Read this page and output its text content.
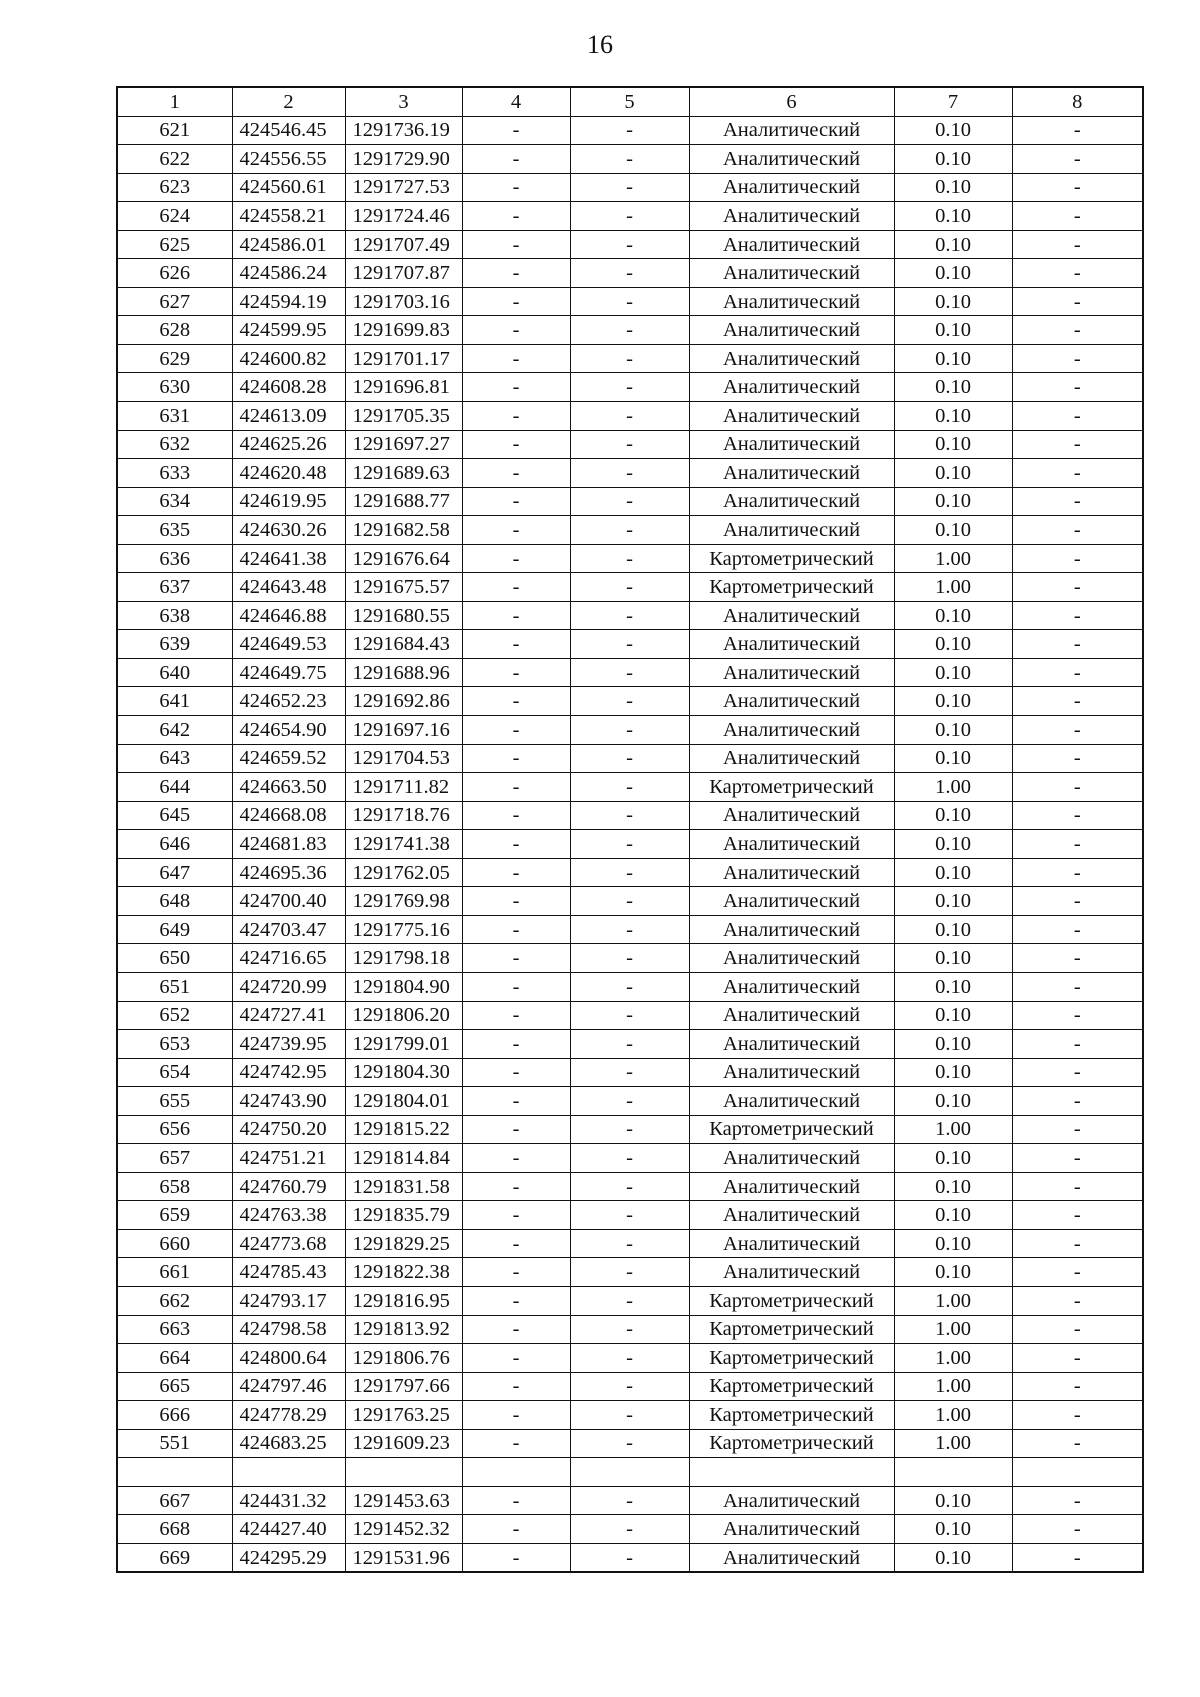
16
1	2	3	4	5	6	7	8
621	424546.45	1291736.19	-	-	Аналитический	0.10	-
622	424556.55	1291729.90	-	-	Аналитический	0.10	-
623	424560.61	1291727.53	-	-	Аналитический	0.10	-
624	424558.21	1291724.46	-	-	Аналитический	0.10	-
625	424586.01	1291707.49	-	-	Аналитический	0.10	-
626	424586.24	1291707.87	-	-	Аналитический	0.10	-
627	424594.19	1291703.16	-	-	Аналитический	0.10	-
628	424599.95	1291699.83	-	-	Аналитический	0.10	-
629	424600.82	1291701.17	-	-	Аналитический	0.10	-
630	424608.28	1291696.81	-	-	Аналитический	0.10	-
631	424613.09	1291705.35	-	-	Аналитический	0.10	-
632	424625.26	1291697.27	-	-	Аналитический	0.10	-
633	424620.48	1291689.63	-	-	Аналитический	0.10	-
634	424619.95	1291688.77	-	-	Аналитический	0.10	-
635	424630.26	1291682.58	-	-	Аналитический	0.10	-
636	424641.38	1291676.64	-	-	Картометрический	1.00	-
637	424643.48	1291675.57	-	-	Картометрический	1.00	-
638	424646.88	1291680.55	-	-	Аналитический	0.10	-
639	424649.53	1291684.43	-	-	Аналитический	0.10	-
640	424649.75	1291688.96	-	-	Аналитический	0.10	-
641	424652.23	1291692.86	-	-	Аналитический	0.10	-
642	424654.90	1291697.16	-	-	Аналитический	0.10	-
643	424659.52	1291704.53	-	-	Аналитический	0.10	-
644	424663.50	1291711.82	-	-	Картометрический	1.00	-
645	424668.08	1291718.76	-	-	Аналитический	0.10	-
646	424681.83	1291741.38	-	-	Аналитический	0.10	-
647	424695.36	1291762.05	-	-	Аналитический	0.10	-
648	424700.40	1291769.98	-	-	Аналитический	0.10	-
649	424703.47	1291775.16	-	-	Аналитический	0.10	-
650	424716.65	1291798.18	-	-	Аналитический	0.10	-
651	424720.99	1291804.90	-	-	Аналитический	0.10	-
652	424727.41	1291806.20	-	-	Аналитический	0.10	-
653	424739.95	1291799.01	-	-	Аналитический	0.10	-
654	424742.95	1291804.30	-	-	Аналитический	0.10	-
655	424743.90	1291804.01	-	-	Аналитический	0.10	-
656	424750.20	1291815.22	-	-	Картометрический	1.00	-
657	424751.21	1291814.84	-	-	Аналитический	0.10	-
658	424760.79	1291831.58	-	-	Аналитический	0.10	-
659	424763.38	1291835.79	-	-	Аналитический	0.10	-
660	424773.68	1291829.25	-	-	Аналитический	0.10	-
661	424785.43	1291822.38	-	-	Аналитический	0.10	-
662	424793.17	1291816.95	-	-	Картометрический	1.00	-
663	424798.58	1291813.92	-	-	Картометрический	1.00	-
664	424800.64	1291806.76	-	-	Картометрический	1.00	-
665	424797.46	1291797.66	-	-	Картометрический	1.00	-
666	424778.29	1291763.25	-	-	Картометрический	1.00	-
551	424683.25	1291609.23	-	-	Картометрический	1.00	-

667	424431.32	1291453.63	-	-	Аналитический	0.10	-
668	424427.40	1291452.32	-	-	Аналитический	0.10	-
669	424295.29	1291531.96	-	-	Аналитический	0.10	-
